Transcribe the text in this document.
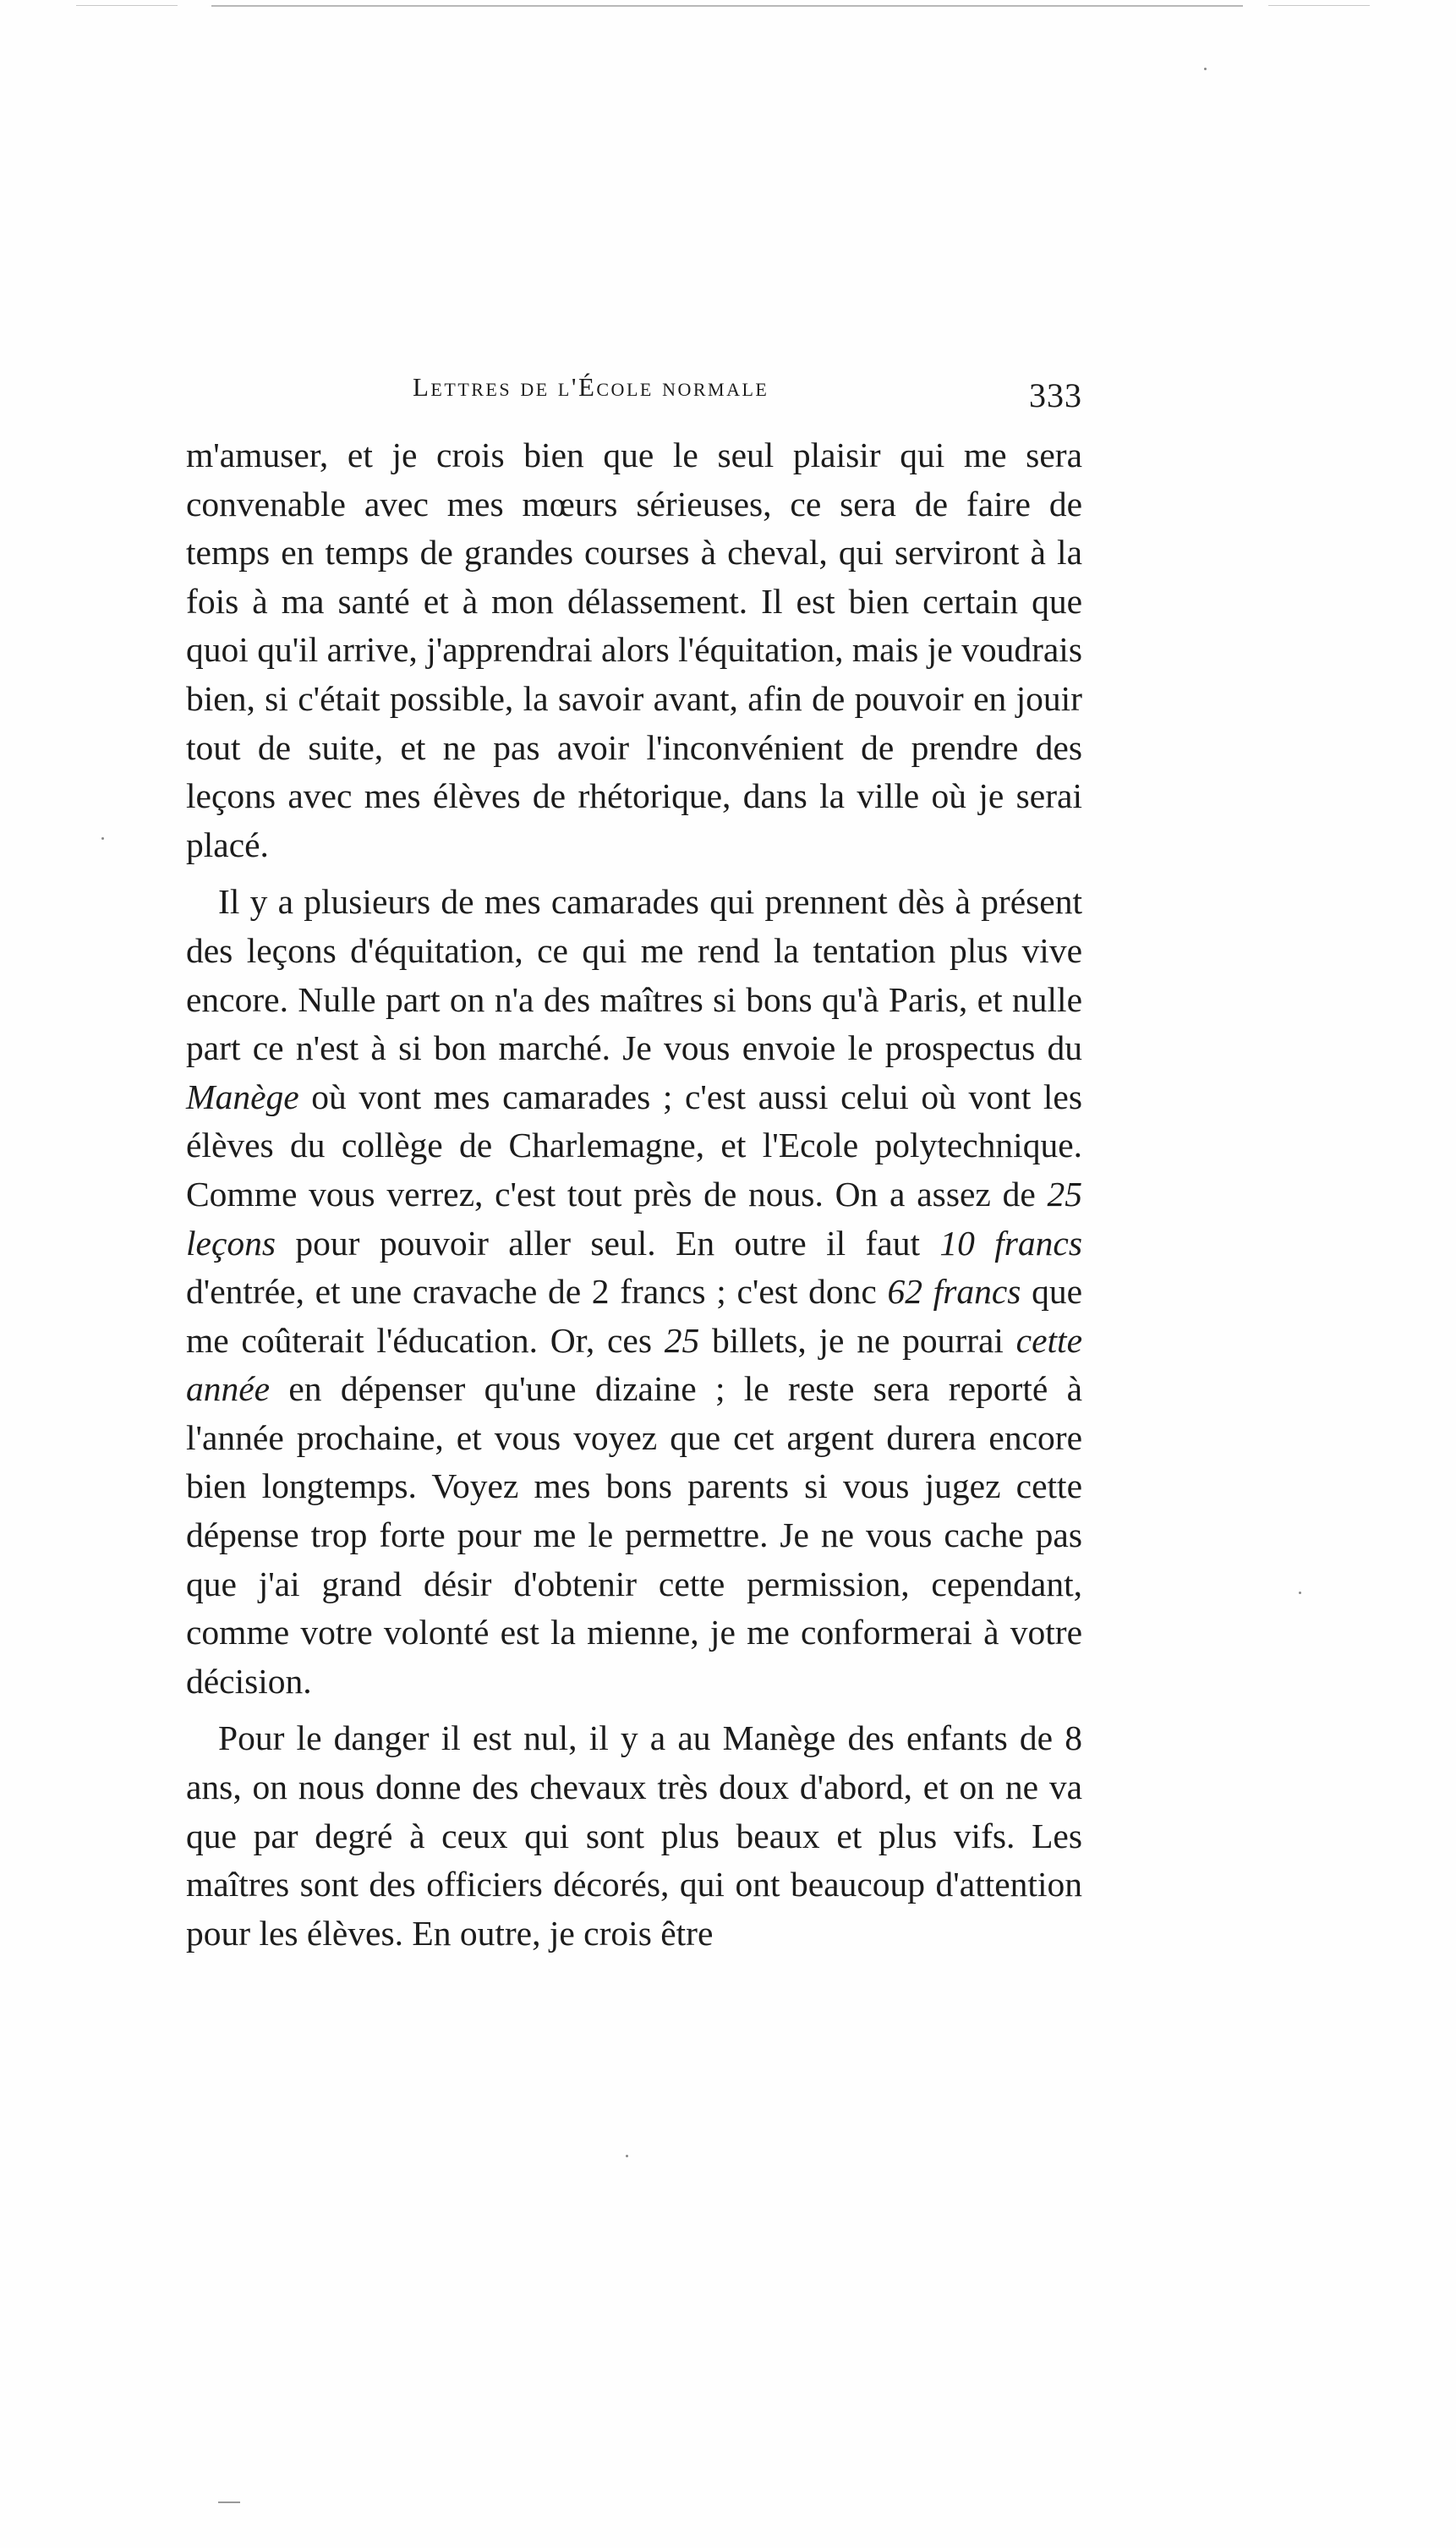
Lettres de l'École normale	333

m'amuser, et je crois bien que le seul plaisir qui me sera convenable avec mes mœurs sérieuses, ce sera de faire de temps en temps de grandes courses à cheval, qui serviront à la fois à ma santé et à mon délassement. Il est bien certain que quoi qu'il arrive, j'apprendrai alors l'équitation, mais je voudrais bien, si c'était possible, la savoir avant, afin de pouvoir en jouir tout de suite, et ne pas avoir l'inconvénient de prendre des leçons avec mes élèves de rhétorique, dans la ville où je serai placé.

Il y a plusieurs de mes camarades qui prennent dès à présent des leçons d'équitation, ce qui me rend la tentation plus vive encore. Nulle part on n'a des maîtres si bons qu'à Paris, et nulle part ce n'est à si bon marché. Je vous envoie le prospectus du Manège où vont mes camarades ; c'est aussi celui où vont les élèves du collège de Charlemagne, et l'Ecole polytechnique. Comme vous verrez, c'est tout près de nous. On a assez de 25 leçons pour pouvoir aller seul. En outre il faut 10 francs d'entrée, et une cravache de 2 francs ; c'est donc 62 francs que me coûterait l'éducation. Or, ces 25 billets, je ne pourrai cette année en dépenser qu'une dizaine ; le reste sera reporté à l'année prochaine, et vous voyez que cet argent durera encore bien longtemps. Voyez mes bons parents si vous jugez cette dépense trop forte pour me le permettre. Je ne vous cache pas que j'ai grand désir d'obtenir cette permission, cependant, comme votre volonté est la mienne, je me conformerai à votre décision.

Pour le danger il est nul, il y a au Manège des enfants de 8 ans, on nous donne des chevaux très doux d'abord, et on ne va que par degré à ceux qui sont plus beaux et plus vifs. Les maîtres sont des officiers décorés, qui ont beaucoup d'attention pour les élèves. En outre, je crois être
